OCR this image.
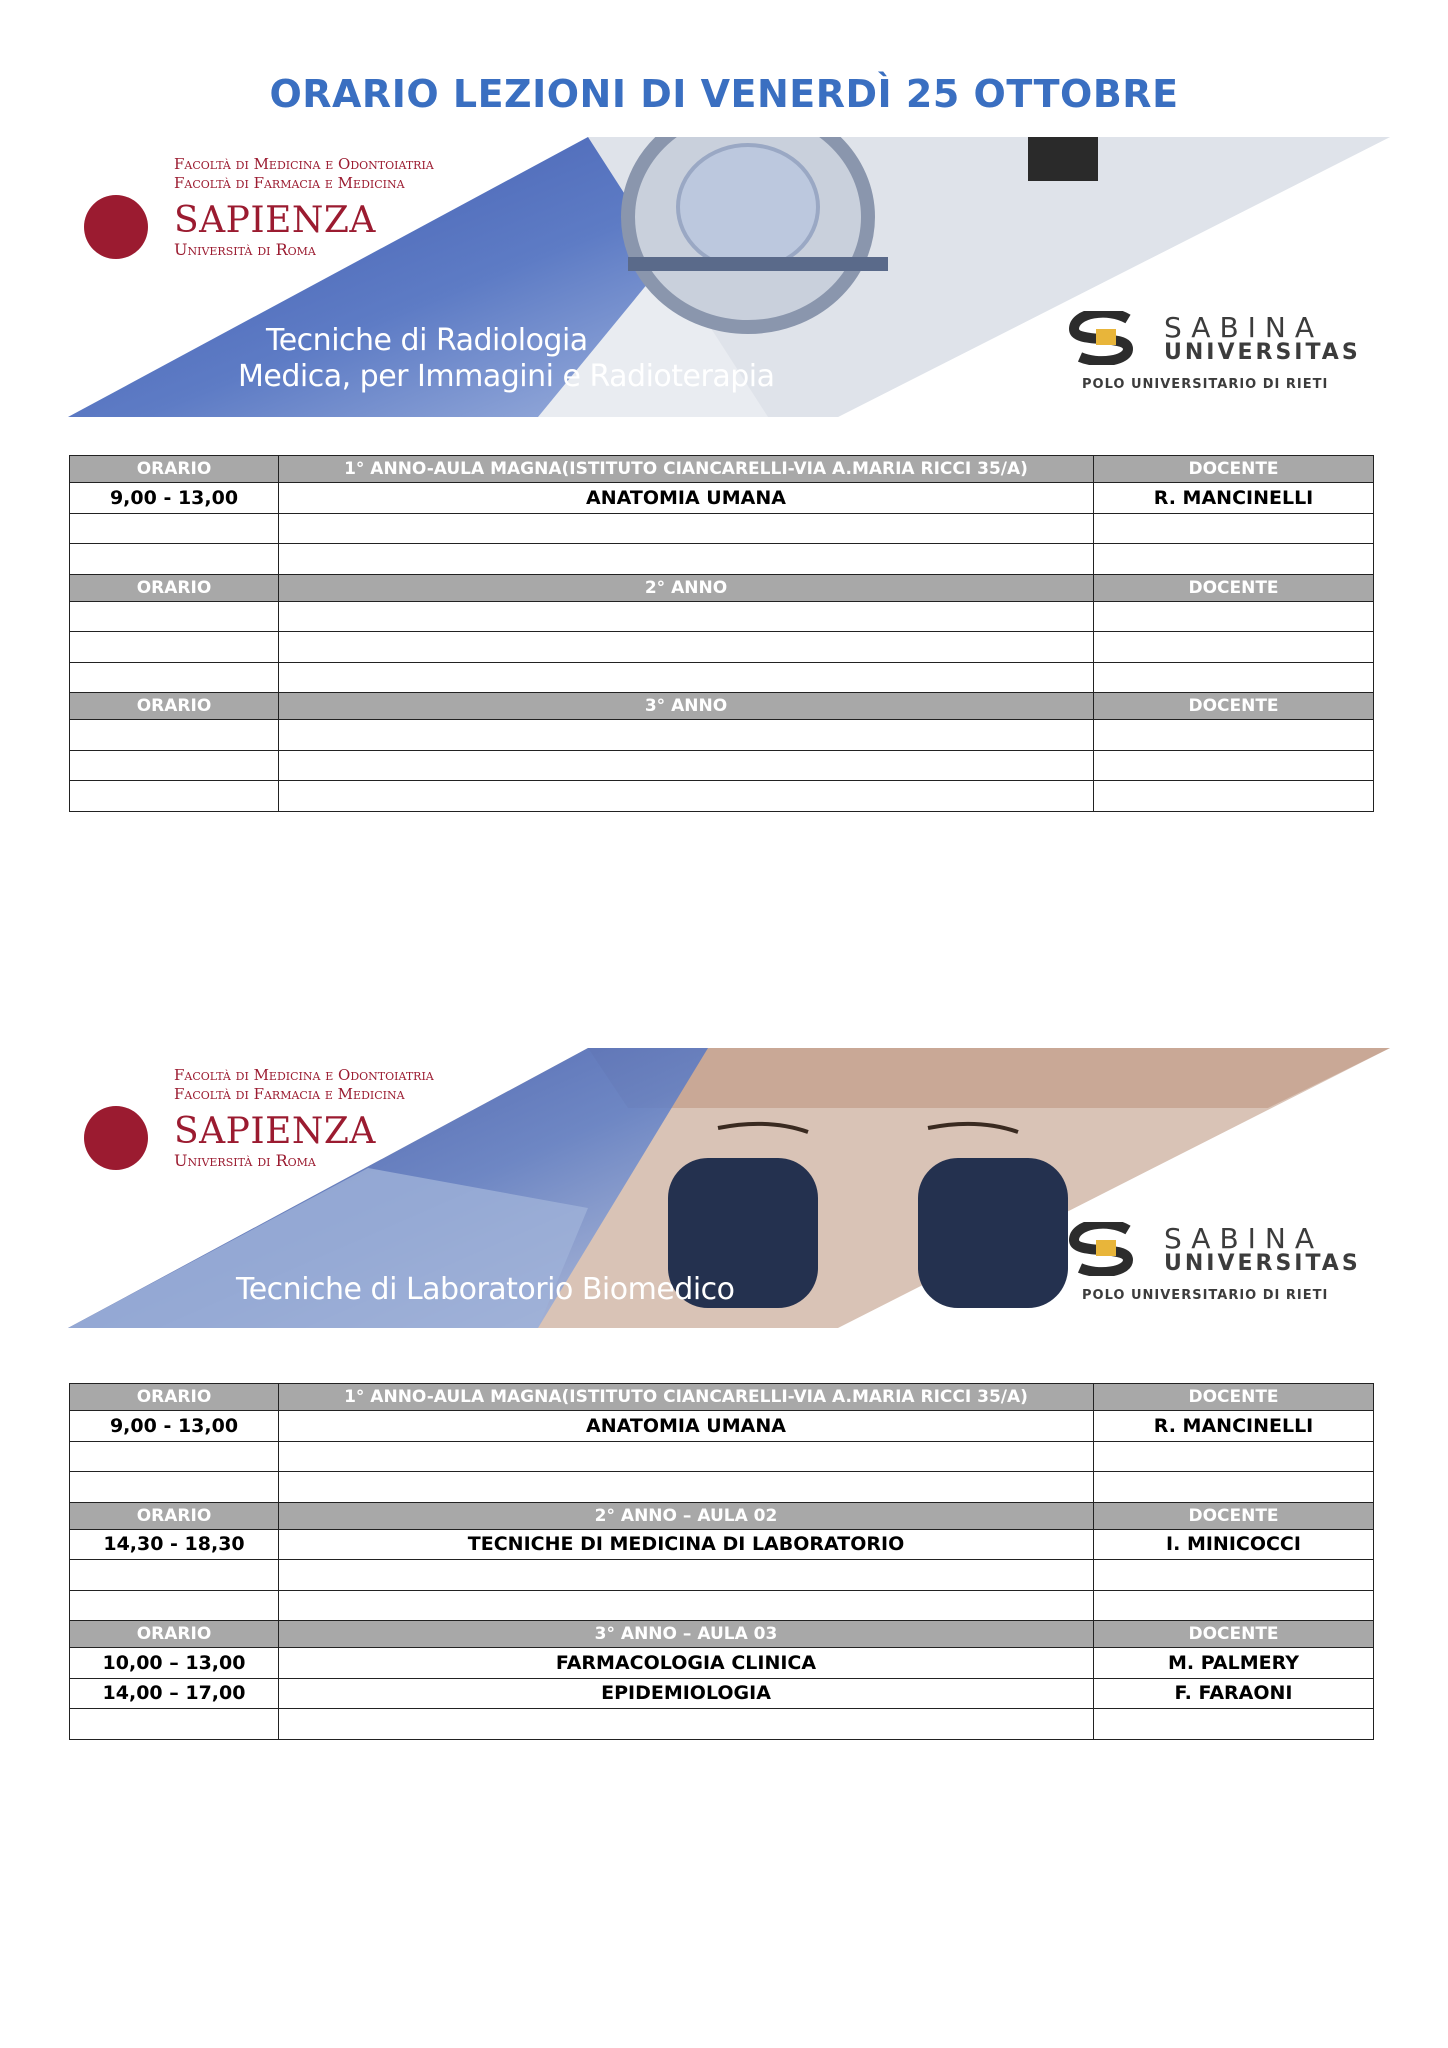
ORARIO LEZIONI DI VENERDÌ 25 OTTOBRE
Facoltà di Medicina e Odontoiatria
Facoltà di Farmacia e Medicina
SAPIENZA
Università di Roma
Tecniche di Radiologia
Medica, per Immagini e Radioterapia
SABINA
UNIVERSITAS
POLO UNIVERSITARIO DI RIETI
ORARIO	1° ANNO-AULA MAGNA(ISTITUTO CIANCARELLI-VIA A.MARIA RICCI 35/A)	DOCENTE
9,00 - 13,00	ANATOMIA UMANA	R. MANCINELLI

ORARIO	2° ANNO	DOCENTE

ORARIO	3° ANNO	DOCENTE

Facoltà di Medicina e Odontoiatria
Facoltà di Farmacia e Medicina
SAPIENZA
Università di Roma
Tecniche di Laboratorio Biomedico
SABINA
UNIVERSITAS
POLO UNIVERSITARIO DI RIETI
ORARIO	1° ANNO-AULA MAGNA(ISTITUTO CIANCARELLI-VIA A.MARIA RICCI 35/A)	DOCENTE
9,00 - 13,00	ANATOMIA UMANA	R. MANCINELLI

ORARIO	2° ANNO – AULA 02	DOCENTE
14,30 - 18,30	TECNICHE DI MEDICINA DI LABORATORIO	I. MINICOCCI

ORARIO	3° ANNO – AULA 03	DOCENTE
10,00 – 13,00	FARMACOLOGIA CLINICA	M. PALMERY
14,00 – 17,00	EPIDEMIOLOGIA	F. FARAONI
